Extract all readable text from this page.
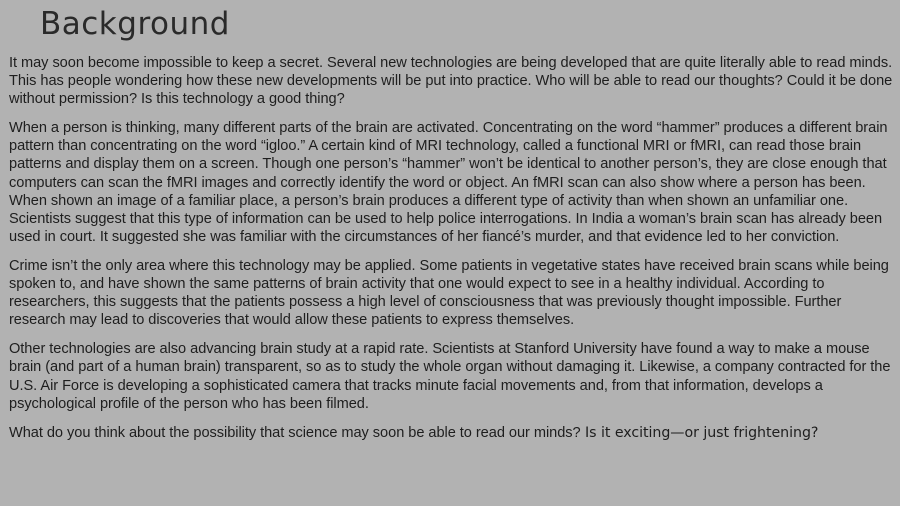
Background

It may soon become impossible to keep a secret. Several new technologies are being developed that are quite literally able to read minds. This has people wondering how these new developments will be put into practice. Who will be able to read our thoughts? Could it be done without permission? Is this technology a good thing?

When a person is thinking, many different parts of the brain are activated. Concentrating on the word “hammer” produces a different brain pattern than concentrating on the word “igloo.” A certain kind of MRI technology, called a functional MRI or fMRI, can read those brain patterns and display them on a screen. Though one person’s “hammer” won’t be identical to another person’s, they are close enough that computers can scan the fMRI images and correctly identify the word or object. An fMRI scan can also show where a person has been. When shown an image of a familiar place, a person’s brain produces a different type of activity than when shown an unfamiliar one. Scientists suggest that this type of information can be used to help police interrogations. In India a woman’s brain scan has already been used in court. It suggested she was familiar with the circumstances of her fiancé’s murder, and that evidence led to her conviction.

Crime isn’t the only area where this technology may be applied. Some patients in vegetative states have received brain scans while being spoken to, and have shown the same patterns of brain activity that one would expect to see in a healthy individual. According to researchers, this suggests that the patients possess a high level of consciousness that was previously thought impossible. Further research may lead to discoveries that would allow these patients to express themselves.

Other technologies are also advancing brain study at a rapid rate. Scientists at Stanford University have found a way to make a mouse brain (and part of a human brain) transparent, so as to study the whole organ without damaging it. Likewise, a company contracted for the U.S. Air Force is developing a sophisticated camera that tracks minute facial movements and, from that information, develops a psychological profile of the person who has been filmed.

What do you think about the possibility that science may soon be able to read our minds? Is it exciting—or just frightening?
